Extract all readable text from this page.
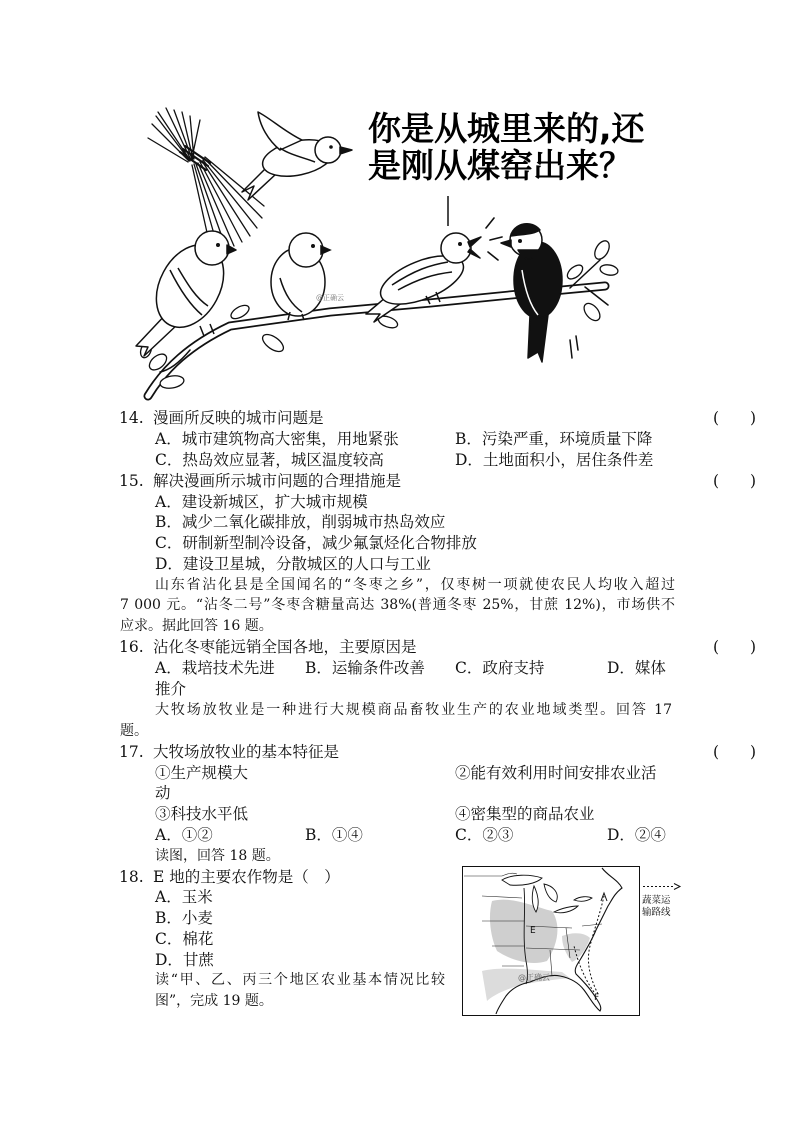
@正确云
你是从城里来的,还
是刚从煤窑出来？
14. 漫画所反映的城市问题是	(　　)
A．城市建筑物高大密集，用地紧张	B．污染严重，环境质量下降
C．热岛效应显著，城区温度较高	D．土地面积小，居住条件差
15. 解决漫画所示城市问题的合理措施是	(　　)
A．建设新城区，扩大城市规模
B．减少二氧化碳排放，削弱城市热岛效应
C．研制新型制冷设备，减少氟氯烃化合物排放
D．建设卫星城，分散城区的人口与工业
山东省沾化县是全国闻名的“冬枣之乡”，仅枣树一项就使农民人均收入超过
7 000 元。“沾冬二号”冬枣含糖量高达 38%(普通冬枣 25%，甘蔗 12%)，市场供不
应求。据此回答 16 题。
16. 沾化冬枣能远销全国各地，主要原因是	(　　)
A．栽培技术先进 B．运输条件改善 C．政府支持	D．媒体
推介
大牧场放牧业是一种进行大规模商品畜牧业生产的农业地域类型。回答 17
题。
17. 大牧场放牧业的基本特征是	(　　)
①生产规模大	②能有效利用时间安排农业活
动
③科技水平低	④密集型的商品农业
A．①②	B．①④	C．②③	D．②④
读图，回答 18 题。
18. E 地的主要农作物是（　）
A．玉米
B．小麦
C．棉花
D．甘蔗
读“甲、乙、丙三个地区农业基本情况比较
图”，完成 19 题。
E
F
@正确云
蔬菜运
输路线
